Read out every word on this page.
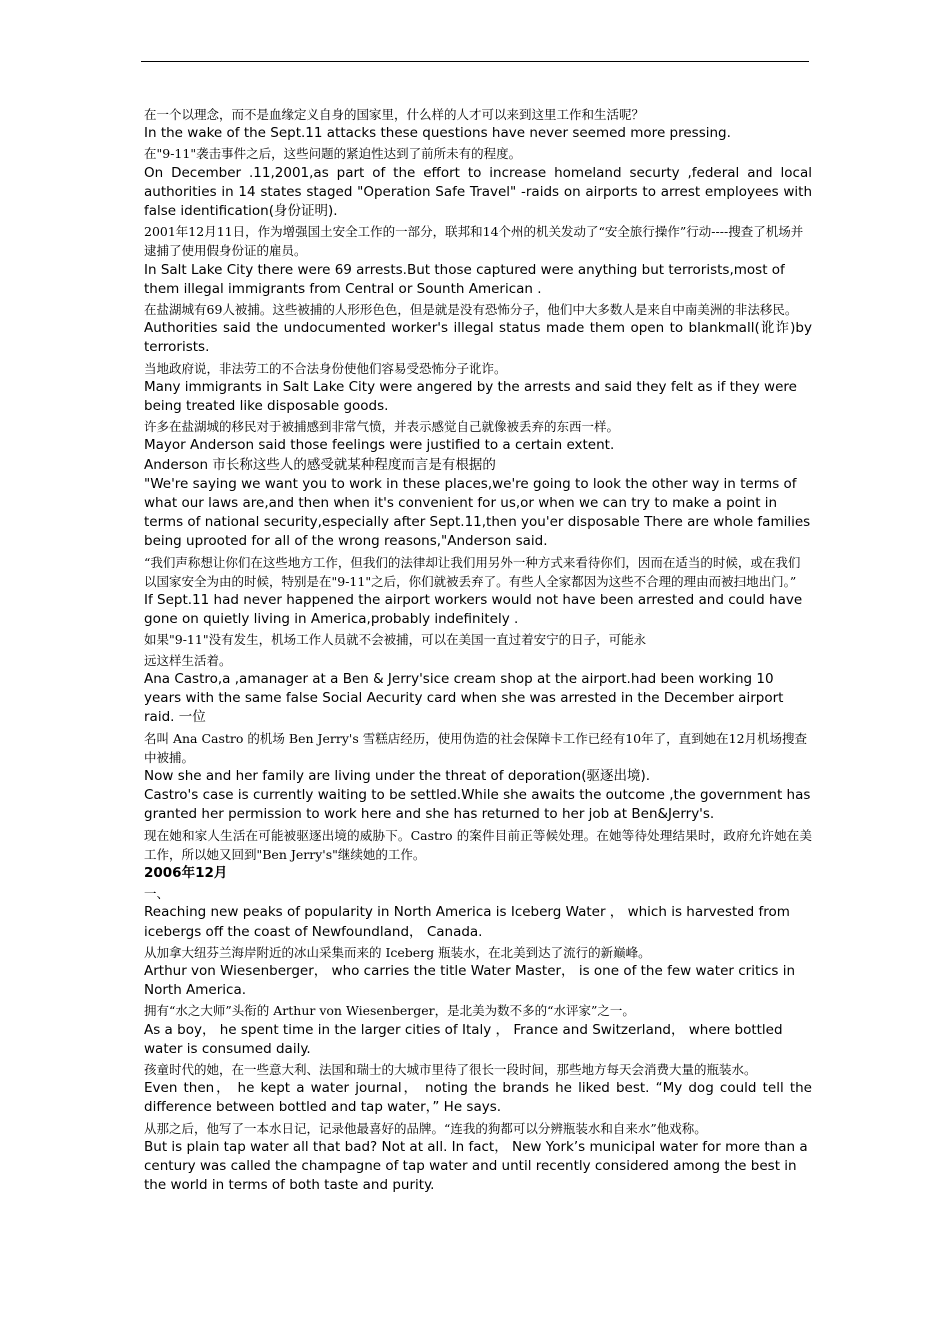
在一个以理念，而不是血缘定义自身的国家里，什么样的人才可以来到这里工作和生活呢？

In the wake of the Sept.11 attacks these questions have never seemed more pressing.

在"9-11"袭击事件之后，这些问题的紧迫性达到了前所未有的程度。

On December .11,2001,as part of the effort to increase homeland securty ,federal and local authorities in 14 states staged "Operation Safe Travel" -raids on airports to arrest employees with false identification(身份证明).

2001年12月11日，作为增强国土安全工作的一部分，联邦和14个州的机关发动了“安全旅行操作”行动----搜查了机场并逮捕了使用假身份证的雇员。

In Salt Lake City there were 69 arrests.But those captured were anything but terrorists,most of them illegal immigrants from Central or Sounth American .

在盐湖城有69人被捕。这些被捕的人形形色色，但是就是没有恐怖分子，他们中大多数人是来自中南美洲的非法移民。

Authorities said the undocumented worker's illegal status made them open to blankmall(讹诈)by terrorists.

当地政府说，非法劳工的不合法身份使他们容易受恐怖分子讹诈。

Many immigrants in Salt Lake City were angered by the arrests and said they felt as if they were being treated like disposable goods.

许多在盐湖城的移民对于被捕感到非常气愤，并表示感觉自己就像被丢弃的东西一样。

Mayor Anderson said those feelings were justified to a certain extent.

Anderson 市长称这些人的感受就某种程度而言是有根据的

"We're saying we want you to work in these places,we're going to look the other way in terms of what our laws are,and then when it's convenient for us,or when we can try to make a point in terms of national security,especially after Sept.11,then you'er disposable There are whole families being uprooted for all of the wrong reasons,"Anderson said.

“我们声称想让你们在这些地方工作，但我们的法律却让我们用另外一种方式来看待你们，因而在适当的时候，或在我们以国家安全为由的时候，特别是在"9-11"之后，你们就被丢弃了。有些人全家都因为这些不合理的理由而被扫地出门。”

If Sept.11 had never happened the airport workers would not have been arrested and could have gone on quietly living in America,probably indefinitely .

如果"9-11"没有发生，机场工作人员就不会被捕，可以在美国一直过着安宁的日子，可能永

远这样生活着。

Ana Castro,a ,amanager at a Ben & Jerry'sice cream shop at the airport.had been working 10 years with the same false Social Aecurity card when she was arrested in the December airport raid. 一位

名叫 Ana Castro 的机场 Ben Jerry's 雪糕店经历，使用伪造的社会保障卡工作已经有10年了，直到她在12月机场搜查中被捕。

Now she and her family are living under the threat of deporation(驱逐出境).

Castro's case is currently waiting to be settled.While she awaits the outcome ,the government has granted her permission to work here and she has returned to her job at Ben&Jerry's.

现在她和家人生活在可能被驱逐出境的威胁下。Castro 的案件目前正等候处理。在她等待处理结果时，政府允许她在美工作，所以她又回到"Ben Jerry's"继续她的工作。

2006年12月

一、

Reaching new peaks of popularity in North America is Iceberg Water ， which is harvested from icebergs off the coast of Newfoundland， Canada.

从加拿大纽芬兰海岸附近的冰山采集而来的 Iceberg 瓶装水，在北美到达了流行的新巅峰。

Arthur von Wiesenberger， who carries the title Water Master， is one of the few water critics in North America.

拥有“水之大师”头衔的 Arthur von Wiesenberger，是北美为数不多的“水评家”之一。

As a boy， he spent time in the larger cities of Italy ， France and Switzerland， where bottled water is consumed daily.

孩童时代的她，在一些意大利、法国和瑞士的大城市里待了很长一段时间，那些地方每天会消费大量的瓶装水。

Even then， he kept a water journal， noting the brands he liked best. “My dog could tell the difference between bottled and tap water，” He says.

从那之后，他写了一本水日记，记录他最喜好的品牌。“连我的狗都可以分辨瓶装水和自来水”他戏称。

But is plain tap water all that bad? Not at all. In fact， New York’s municipal water for more than a century was called the champagne of tap water and until recently considered among the best in the world in terms of both taste and purity.
